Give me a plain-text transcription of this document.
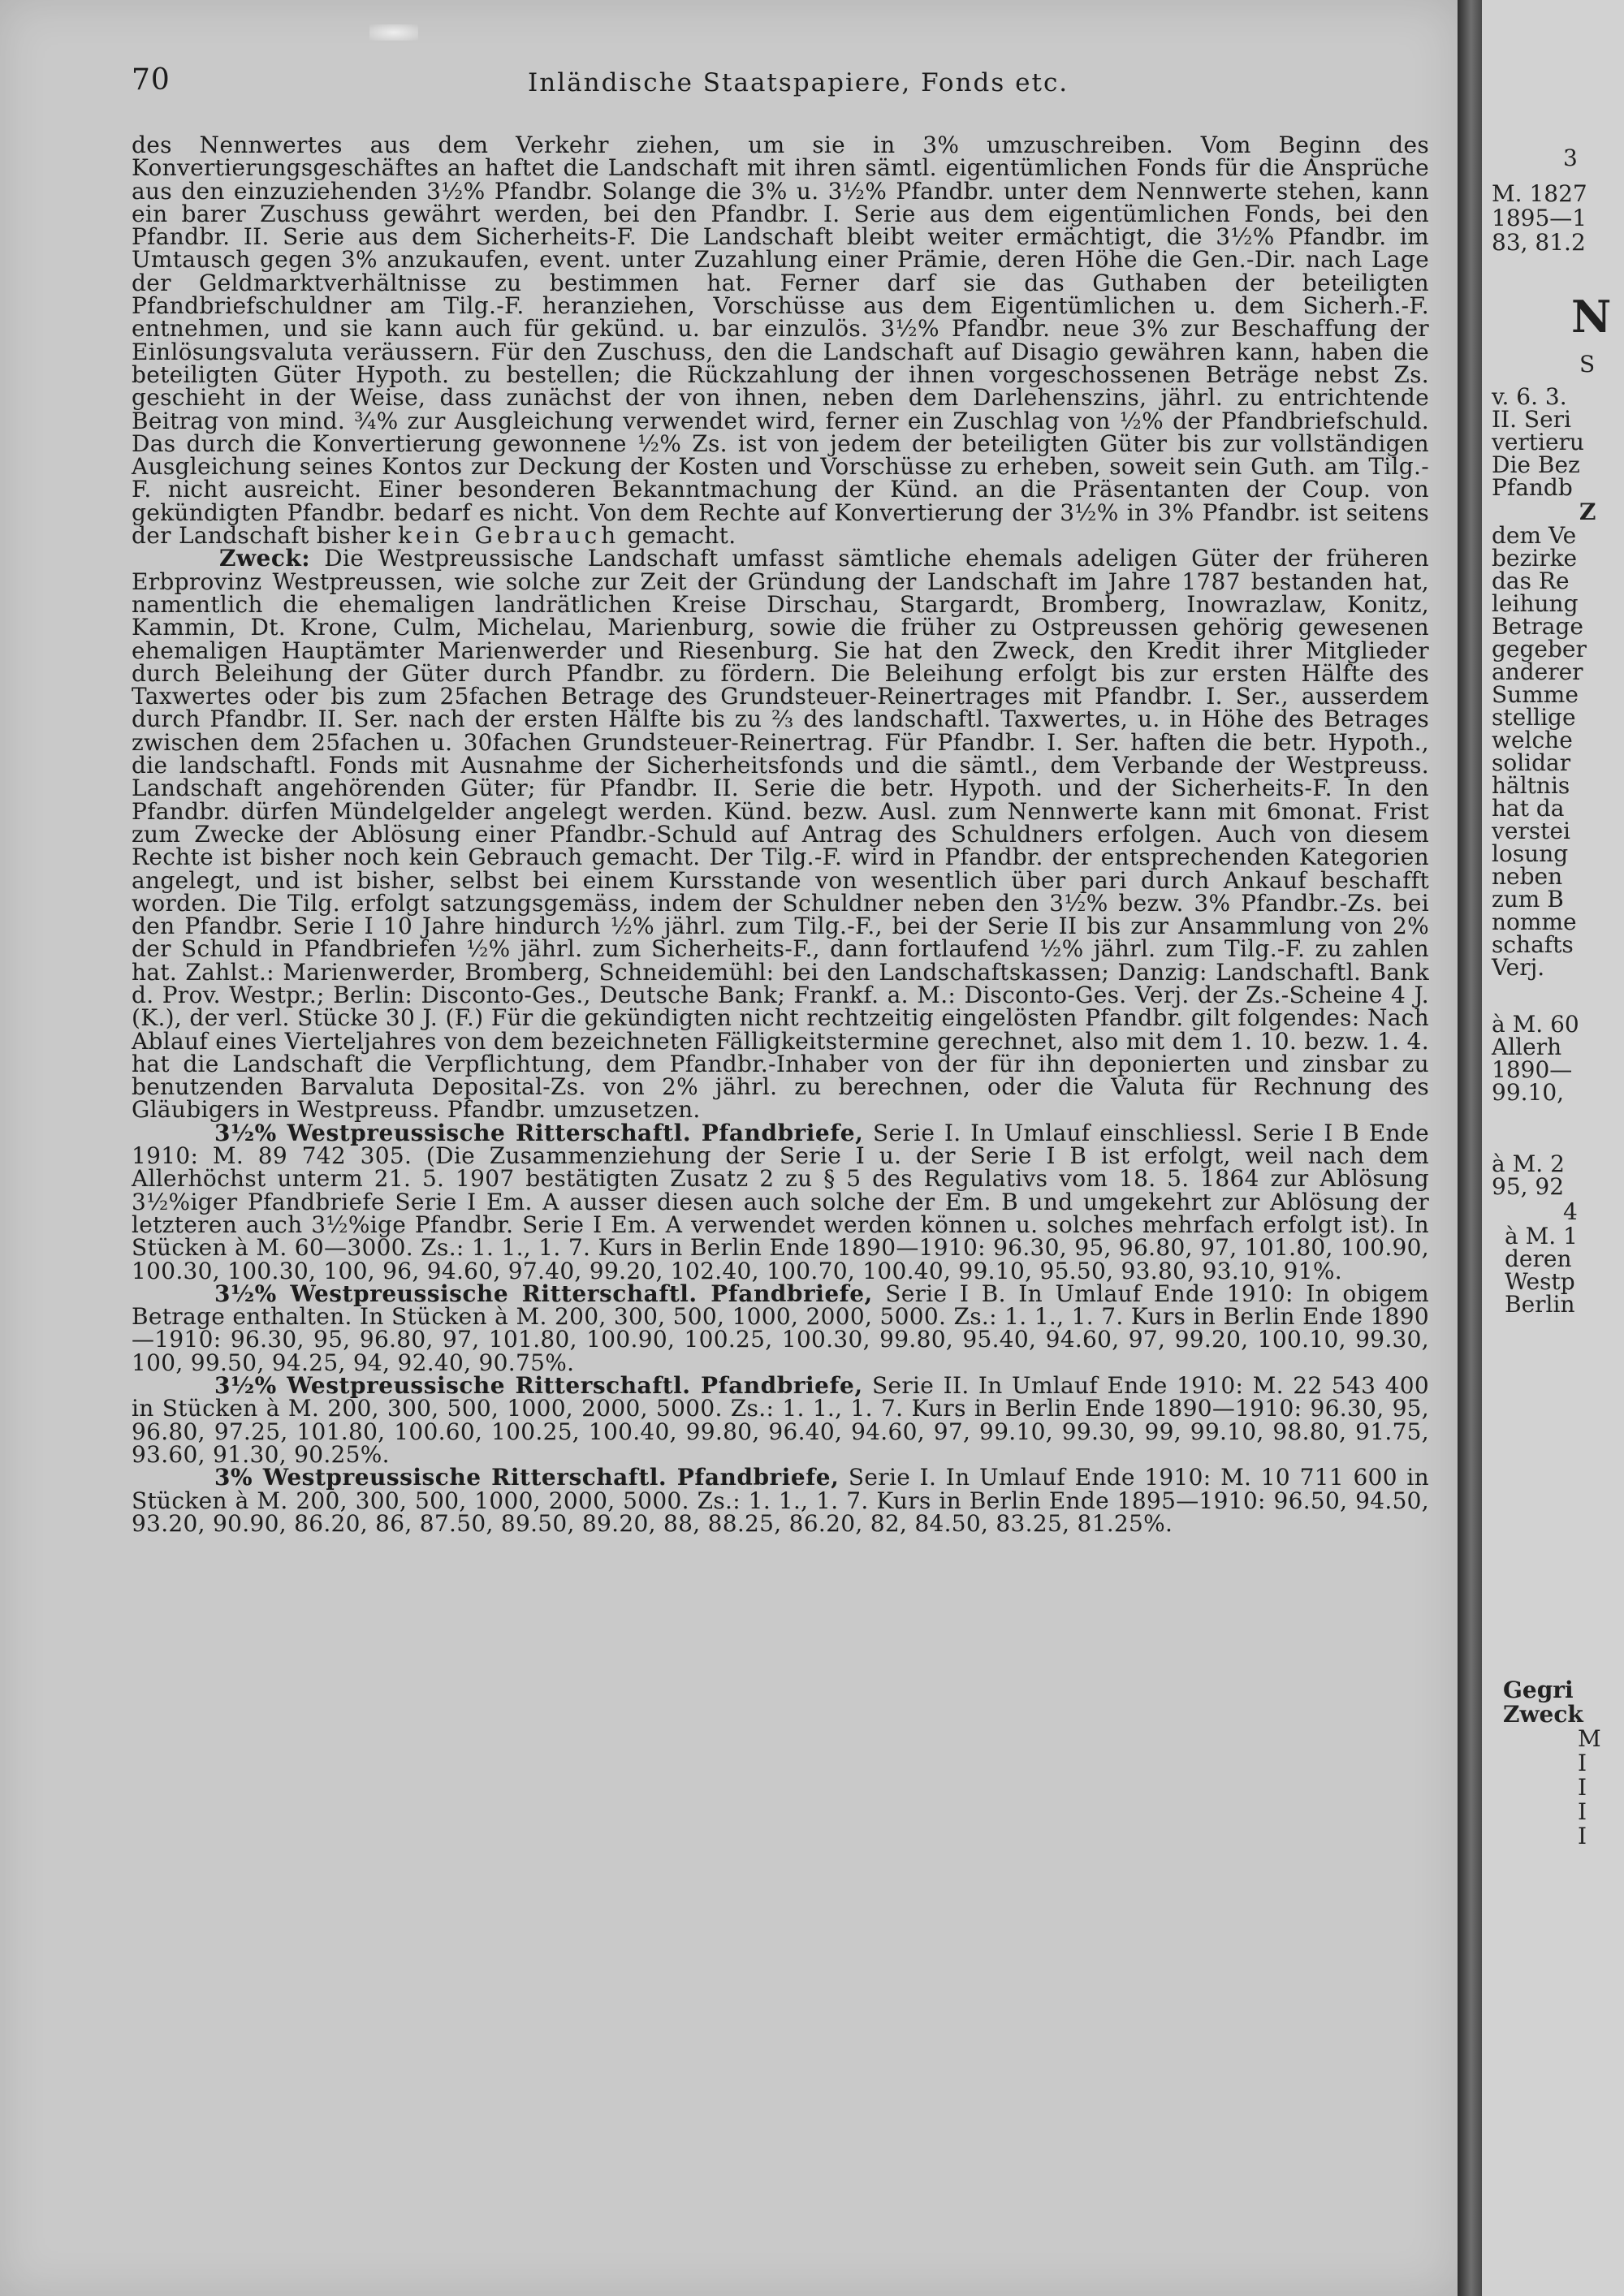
70	Inländische Staatspapiere, Fonds etc.

des Nennwertes aus dem Verkehr ziehen, um sie in 3% umzuschreiben. Vom Beginn des Konvertierungsgeschäftes an haftet die Landschaft mit ihren sämtl. eigentümlichen Fonds für die Ansprüche aus den einzuziehenden 3½% Pfandbr. Solange die 3% u. 3½% Pfandbr. unter dem Nennwerte stehen, kann ein barer Zuschuss gewährt werden, bei den Pfandbr. I. Serie aus dem eigentümlichen Fonds, bei den Pfandbr. II. Serie aus dem Sicherheits-F. Die Landschaft bleibt weiter ermächtigt, die 3½% Pfandbr. im Umtausch gegen 3% anzukaufen, event. unter Zuzahlung einer Prämie, deren Höhe die Gen.-Dir. nach Lage der Geldmarktverhältnisse zu bestimmen hat. Ferner darf sie das Guthaben der beteiligten Pfandbriefschuldner am Tilg.-F. heranziehen, Vorschüsse aus dem Eigentümlichen u. dem Sicherh.-F. entnehmen, und sie kann auch für gekünd. u. bar einzulös. 3½% Pfandbr. neue 3% zur Beschaffung der Einlösungsvaluta veräussern. Für den Zuschuss, den die Landschaft auf Disagio gewähren kann, haben die beteiligten Güter Hypoth. zu bestellen; die Rückzahlung der ihnen vorgeschossenen Beträge nebst Zs. geschieht in der Weise, dass zunächst der von ihnen, neben dem Darlehenszins, jährl. zu entrichtende Beitrag von mind. ¾% zur Ausgleichung verwendet wird, ferner ein Zuschlag von ½% der Pfandbriefschuld. Das durch die Konvertierung gewonnene ½% Zs. ist von jedem der beteiligten Güter bis zur vollständigen Ausgleichung seines Kontos zur Deckung der Kosten und Vorschüsse zu erheben, soweit sein Guth. am Tilg.-F. nicht ausreicht. Einer besonderen Bekanntmachung der Künd. an die Präsentanten der Coup. von gekündigten Pfandbr. bedarf es nicht. Von dem Rechte auf Konvertierung der 3½% in 3% Pfandbr. ist seitens der Landschaft bisher kein Gebrauch gemacht.

Zweck: Die Westpreussische Landschaft umfasst sämtliche ehemals adeligen Güter der früheren Erbprovinz Westpreussen, wie solche zur Zeit der Gründung der Landschaft im Jahre 1787 bestanden hat, namentlich die ehemaligen landrätlichen Kreise Dirschau, Stargardt, Bromberg, Inowrazlaw, Konitz, Kammin, Dt. Krone, Culm, Michelau, Marienburg, sowie die früher zu Ostpreussen gehörig gewesenen ehemaligen Hauptämter Marienwerder und Riesenburg. Sie hat den Zweck, den Kredit ihrer Mitglieder durch Beleihung der Güter durch Pfandbr. zu fördern. Die Beleihung erfolgt bis zur ersten Hälfte des Taxwertes oder bis zum 25fachen Betrage des Grundsteuer-Reinertrages mit Pfandbr. I. Ser., ausserdem durch Pfandbr. II. Ser. nach der ersten Hälfte bis zu ⅔ des landschaftl. Taxwertes, u. in Höhe des Betrages zwischen dem 25fachen u. 30fachen Grundsteuer-Reinertrag. Für Pfandbr. I. Ser. haften die betr. Hypoth., die landschaftl. Fonds mit Ausnahme der Sicherheitsfonds und die sämtl., dem Verbande der Westpreuss. Landschaft angehörenden Güter; für Pfandbr. II. Serie die betr. Hypoth. und der Sicherheits-F. In den Pfandbr. dürfen Mündelgelder angelegt werden. Künd. bezw. Ausl. zum Nennwerte kann mit 6monat. Frist zum Zwecke der Ablösung einer Pfandbr.-Schuld auf Antrag des Schuldners erfolgen. Auch von diesem Rechte ist bisher noch kein Gebrauch gemacht. Der Tilg.-F. wird in Pfandbr. der entsprechenden Kategorien angelegt, und ist bisher, selbst bei einem Kursstande von wesentlich über pari durch Ankauf beschafft worden. Die Tilg. erfolgt satzungsgemäss, indem der Schuldner neben den 3½% bezw. 3% Pfandbr.-Zs. bei den Pfandbr. Serie I 10 Jahre hindurch ½% jährl. zum Tilg.-F., bei der Serie II bis zur Ansammlung von 2% der Schuld in Pfandbriefen ½% jährl. zum Sicherheits-F., dann fortlaufend ½% jährl. zum Tilg.-F. zu zahlen hat. Zahlst.: Marienwerder, Bromberg, Schneidemühl: bei den Landschaftskassen; Danzig: Landschaftl. Bank d. Prov. Westpr.; Berlin: Disconto-Ges., Deutsche Bank; Frankf. a. M.: Disconto-Ges. Verj. der Zs.-Scheine 4 J. (K.), der verl. Stücke 30 J. (F.) Für die gekündigten nicht rechtzeitig eingelösten Pfandbr. gilt folgendes: Nach Ablauf eines Vierteljahres von dem bezeichneten Fälligkeitstermine gerechnet, also mit dem 1. 10. bezw. 1. 4. hat die Landschaft die Verpflichtung, dem Pfandbr.-Inhaber von der für ihn deponierten und zinsbar zu benutzenden Barvaluta Deposital-Zs. von 2% jährl. zu berechnen, oder die Valuta für Rechnung des Gläubigers in Westpreuss. Pfandbr. umzusetzen.

3½% Westpreussische Ritterschaftl. Pfandbriefe, Serie I. In Umlauf einschliessl. Serie I B Ende 1910: M. 89 742 305. (Die Zusammenziehung der Serie I u. der Serie I B ist erfolgt, weil nach dem Allerhöchst unterm 21. 5. 1907 bestätigten Zusatz 2 zu § 5 des Regulativs vom 18. 5. 1864 zur Ablösung 3½%iger Pfandbriefe Serie I Em. A ausser diesen auch solche der Em. B und umgekehrt zur Ablösung der letzteren auch 3½%ige Pfandbr. Serie I Em. A verwendet werden können u. solches mehrfach erfolgt ist). In Stücken à M. 60—3000. Zs.: 1. 1., 1. 7. Kurs in Berlin Ende 1890—1910: 96.30, 95, 96.80, 97, 101.80, 100.90, 100.30, 100.30, 100, 96, 94.60, 97.40, 99.20, 102.40, 100.70, 100.40, 99.10, 95.50, 93.80, 93.10, 91%.

3½% Westpreussische Ritterschaftl. Pfandbriefe, Serie I B. In Umlauf Ende 1910: In obigem Betrage enthalten. In Stücken à M. 200, 300, 500, 1000, 2000, 5000. Zs.: 1. 1., 1. 7. Kurs in Berlin Ende 1890—1910: 96.30, 95, 96.80, 97, 101.80, 100.90, 100.25, 100.30, 99.80, 95.40, 94.60, 97, 99.20, 100.10, 99.30, 100, 99.50, 94.25, 94, 92.40, 90.75%.

3½% Westpreussische Ritterschaftl. Pfandbriefe, Serie II. In Umlauf Ende 1910: M. 22 543 400 in Stücken à M. 200, 300, 500, 1000, 2000, 5000. Zs.: 1. 1., 1. 7. Kurs in Berlin Ende 1890—1910: 96.30, 95, 96.80, 97.25, 101.80, 100.60, 100.25, 100.40, 99.80, 96.40, 94.60, 97, 99.10, 99.30, 99, 99.10, 98.80, 91.75, 93.60, 91.30, 90.25%.

3% Westpreussische Ritterschaftl. Pfandbriefe, Serie I. In Umlauf Ende 1910: M. 10 711 600 in Stücken à M. 200, 300, 500, 1000, 2000, 5000. Zs.: 1. 1., 1. 7. Kurs in Berlin Ende 1895—1910: 96.50, 94.50, 93.20, 90.90, 86.20, 86, 87.50, 89.50, 89.20, 88, 88.25, 86.20, 82, 84.50, 83.25, 81.25%.

3
M. 1827
1895—1
83, 81.2
N
S
v. 6. 3.
II. Seri
vertieru
Die Bez
Pfandb
Z
dem Ve
bezirke
das Re
leihung
Betrage
gegeber
anderer
Summe
stellige
welche
solidar
hältnis
hat da
verstei
losung
neben
zum B
nomme
schafts
Verj.
à M. 60
Allerh
1890—
99.10,
à M. 2
95, 92
4
à M. 1
deren
Westp
Berlin
Gegri
Zweck
M
I
I
I
I
